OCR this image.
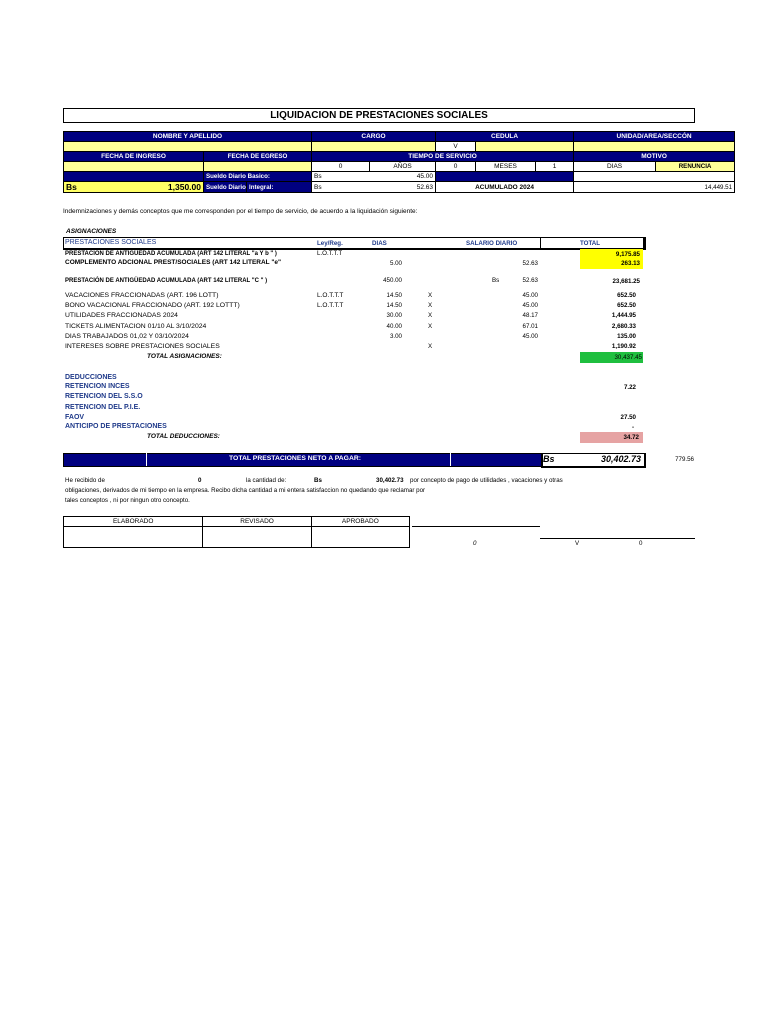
LIQUIDACION DE PRESTACIONES SOCIALES
NOMBRE Y APELLIDO			CARGO		CEDULA			UNIDAD/AREA/SECCÓN	
					V				
FECHA DE INGRESO	FECHA DE EGRESO		TIEMPO DE SERVICIO					MOTIVO	
			0	AÑOS	0	MESES	1	DIAS	RENUNCIA
	Sueldo Diario Basico:		Bs	45.00					

Bs 1,350.00	Sueldo Diario	Integral:	Bs	52.63	ACUMULADO 2024			14,449.51	
Indemnizaciones y demás conceptos que me corresponden por el tiempo de servicio, de acuerdo a la liquidación siguiente:
ASIGNACIONES
PRESTACIONES SOCIALES	Ley/Reg.	DIAS	SALARIO DIARIO	TOTAL
PRESTACIÓN DE ANTIGÜEDAD ACUMULADA (ART 142 LITERAL "a Y b " )	L.O.T.T.T	9,175.85
COMPLEMENTO ADCIONAL PREST/SOCIALES (ART 142 LITERAL "e"	5.00	52.63	263.13
PRESTACIÓN DE ANTIGÜEDAD ACUMULADA (ART 142 LITERAL "C " )	450.00	Bs	52.63	23,681.25
VACACIONES FRACCIONADAS (ART. 196 LOTT)	L.O.T.T.T	14.50	X	45.00	652.50
BONO VACACIONAL FRACCIONADO (ART. 192 LOTTT)	L.O.T.T.T	14.50	X	45.00	652.50
UTILIDADES FRACCIONADAS 2024	30.00	X	48.17	1,444.95
TICKETS ALIMENTACION 01/10 AL 3/10/2024	40.00	X	67.01	2,680.33
DIAS TRABAJADOS 01,02 Y 03/10/2024	3.00	45.00	135.00
INTERESES SOBRE PRESTACIONES SOCIALES	X	1,190.92
TOTAL ASIGNACIONES:	30,437.45
DEDUCCIONES
RETENCION INCES	7.22
RETENCION DEL S.S.O
RETENCION DEL P.I.E.
FAOV	27.50
ANTICIPO DE PRESTACIONES	-
TOTAL DEDUCCIONES:	34.72
TOTAL PRESTACIONES NETO A PAGAR:	Bs	30,402.73	779.56
He recibido de	0	la cantidad de:	Bs	30,402.73 por concepto de pago de utilidades , vacaciones y otras
obligaciones, derivados de mi tiempo en la empresa. Recibo dicha cantidad a mi entera satisfaccion no quedando que reclamar por
tales conceptos , ni por ningun otro concepto.
ELABORADO	REVISADO	APROBADO

0	V	0
